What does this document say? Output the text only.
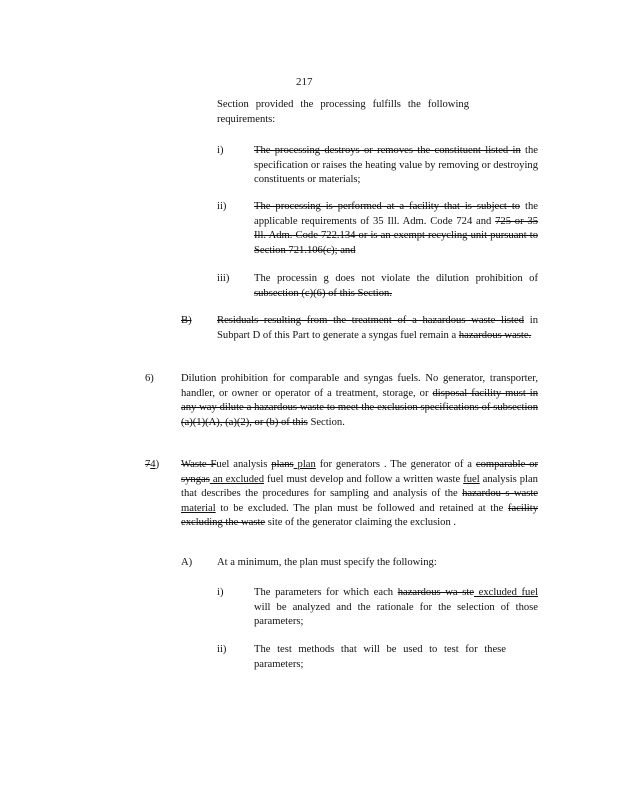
217
Section provided the processing fulfills the following requirements:
i)	The processing destroys or removes the constituent listed in the specification or raises the heating value by removing or destroying constituents or materials;
ii)	The processing is performed at a facility that is subject to the applicable requirements of 35 Ill. Adm. Code 724 and 725 or 35 Ill. Adm. Code 722.134 or is an exempt recycling unit pursuant to Section 721.106(c); and
iii) The processin g does not violate the dilution prohibition of subsection (c)(6) of this Section.
B) Residuals resulting from the treatment of a hazardous waste listed in Subpart D of this Part to generate a syngas fuel remain a hazardous waste.
6)	Dilution prohibition for comparable and syngas fuels. No generator, transporter, handler, or owner or operator of a treatment, storage, or disposal facility must in any way dilute a hazardous waste to meet the exclusion specifications of subsection (a)(1)(A), (a)(2), or (b) of this Section.
74) Waste Fuel analysis plans plan for generators . The generator of a comparable or syngas an excluded fuel must develop and follow a written waste fuel analysis plan that describes the procedures for sampling and analysis of the hazardou s waste material to be excluded. The plan must be followed and retained at the facility excluding the waste site of the generator claiming the exclusion .
A) At a minimum, the plan must specify the following:
i)	The parameters for which each hazardous wa ste excluded fuel will be analyzed and the rationale for the selection of those parameters;
ii)	The test methods that will be used to test for these parameters;
